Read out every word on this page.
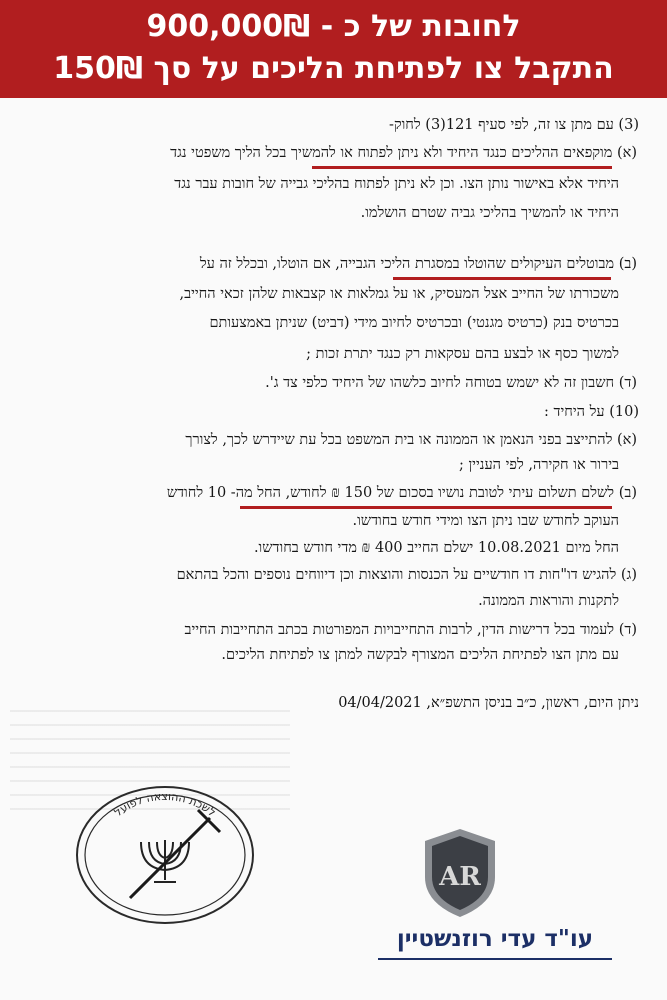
לחובות של כ - 900,000₪
התקבל צו לפתיחת הליכים על סך 150₪
(3) עם מתן צו זה, לפי סעיף 121(3) לחוק-
(א) מוקפאים ההליכים כנגד היחיד ולא ניתן לפתוח או להמשיך בכל הליך משפטי נגד
היחיד אלא באישור נותן הצו. וכן לא ניתן לפתוח בהליכי גבייה של חובות עבר נגד
היחיד או להמשיך בהליכי גביה שטרם הושלמו.
(ב) מבוטלים העיקולים שהוטלו במסגרת הליכי הגבייה, אם הוטלו, ובכלל זה על
משכורתו של החייב אצל המעסיק, או על גמלאות או קצבאות שלהן זכאי החייב,
בכרטיס בנק (כרטיס מגנטי) ובכרטיס לחיוב מידי (דביט) שניתן באמצעותם
למשוך כסף או לבצע בהם עסקאות רק כנגד יתרת זכות ;
(ד) חשבון זה לא ישמש בטוחה לחיוב כלשהו של היחיד כלפי צד ג'.
(10) על היחיד :
(א) להתייצב בפני הנאמן או הממונה או בית המשפט בכל עת שיידרש לכך, לצורך
בירור או חקירה, לפי העניין ;
(ב) לשלם תשלום עיתי לטובת נושיו בסכום של 150 ₪ לחודש, החל מה- 10 לחודש
העוקב לחודש שבו ניתן הצו ומידי חודש בחודשו.
החל מיום 10.08.2021 ישלם החייב 400 ₪ מדי חודש בחודשו.
(ג) להגיש דו"חות דו חודשיים על הכנסות והוצאות וכן דיווחים נוספים והכל בהתאם
לתקנות והוראות הממונה.
(ד) לעמוד בכל דרישות הדין, לרבות התחייבויות המפורטות בכתב התחייבות החייב
עם מתן הצו לפתיחת הליכים המצורף לבקשה למתן צו לפתיחת הליכים.
ניתן היום, ראשון, כ״ב בניסן התשפ״א, 04/04/2021
לשכת ההוצאה לפועל
AR
עו"ד עדי רוזנשטיין
